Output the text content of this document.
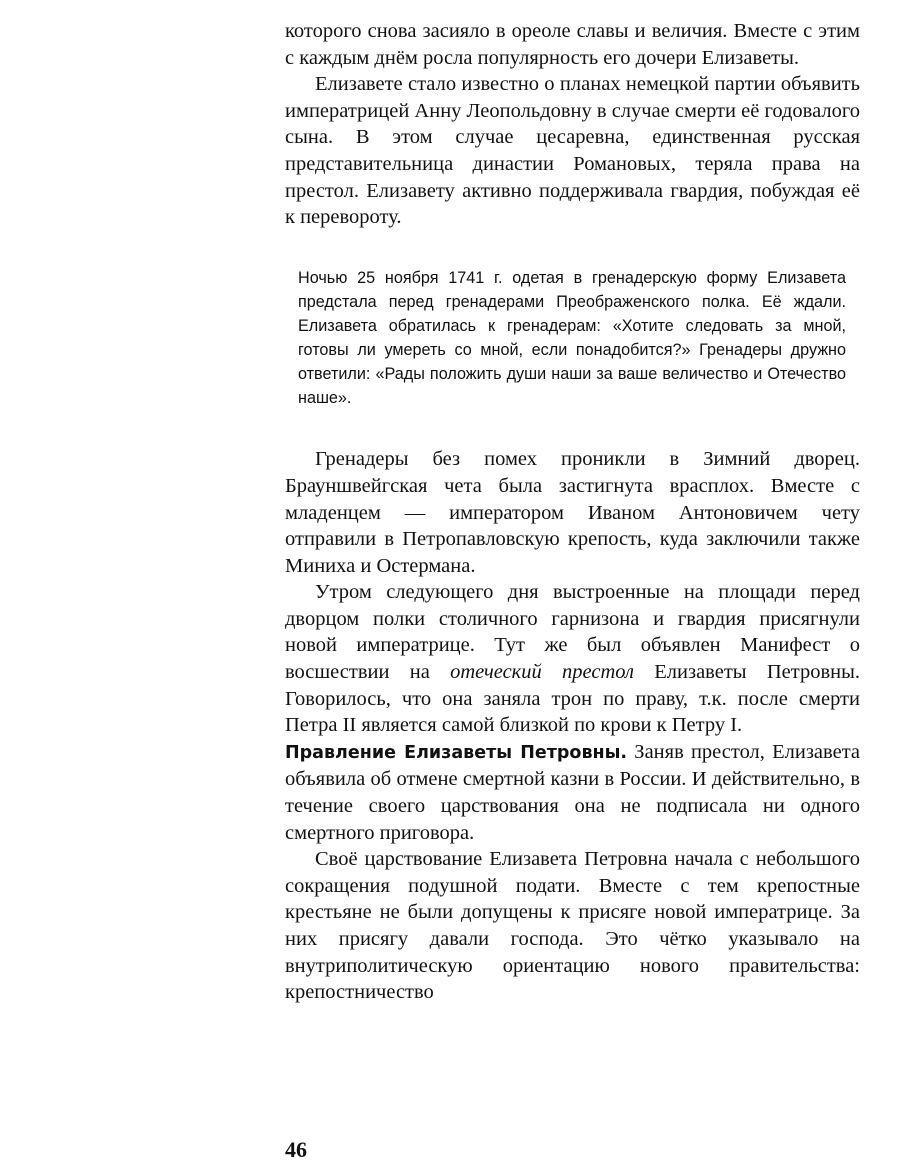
которого снова засияло в ореоле славы и величия. Вместе с этим с каждым днём росла популярность его дочери Елизаветы.

Елизавете стало известно о планах немецкой партии объявить императрицей Анну Леопольдовну в случае смерти её годовалого сына. В этом случае цесаревна, единственная русская представительница династии Романовых, теряла права на престол. Елизавету активно поддерживала гвардия, побуждая её к перевороту.

Ночью 25 ноября 1741 г. одетая в гренадерскую форму Елизавета предстала перед гренадерами Преображенского полка. Её ждали. Елизавета обратилась к гренадерам: «Хотите следовать за мной, готовы ли умереть со мной, если понадобится?» Гренадеры дружно ответили: «Рады положить души наши за ваше величество и Отечество наше».

Гренадеры без помех проникли в Зимний дворец. Брауншвейгская чета была застигнута врасплох. Вместе с младенцем — императором Иваном Антоновичем чету отправили в Петропавловскую крепость, куда заключили также Миниха и Остермана.

Утром следующего дня выстроенные на площади перед дворцом полки столичного гарнизона и гвардия присягнули новой императрице. Тут же был объявлен Манифест о восшествии на отеческий престол Елизаветы Петровны. Говорилось, что она заняла трон по праву, т.к. после смерти Петра II является самой близкой по крови к Петру I.

Правление Елизаветы Петровны. Заняв престол, Елизавета объявила об отмене смертной казни в России. И действительно, в течение своего царствования она не подписала ни одного смертного приговора.

Своё царствование Елизавета Петровна начала с небольшого сокращения подушной подати. Вместе с тем крепостные крестьяне не были допущены к присяге новой императрице. За них присягу давали господа. Это чётко указывало на внутриполитическую ориентацию нового правительства: крепостничество

46
